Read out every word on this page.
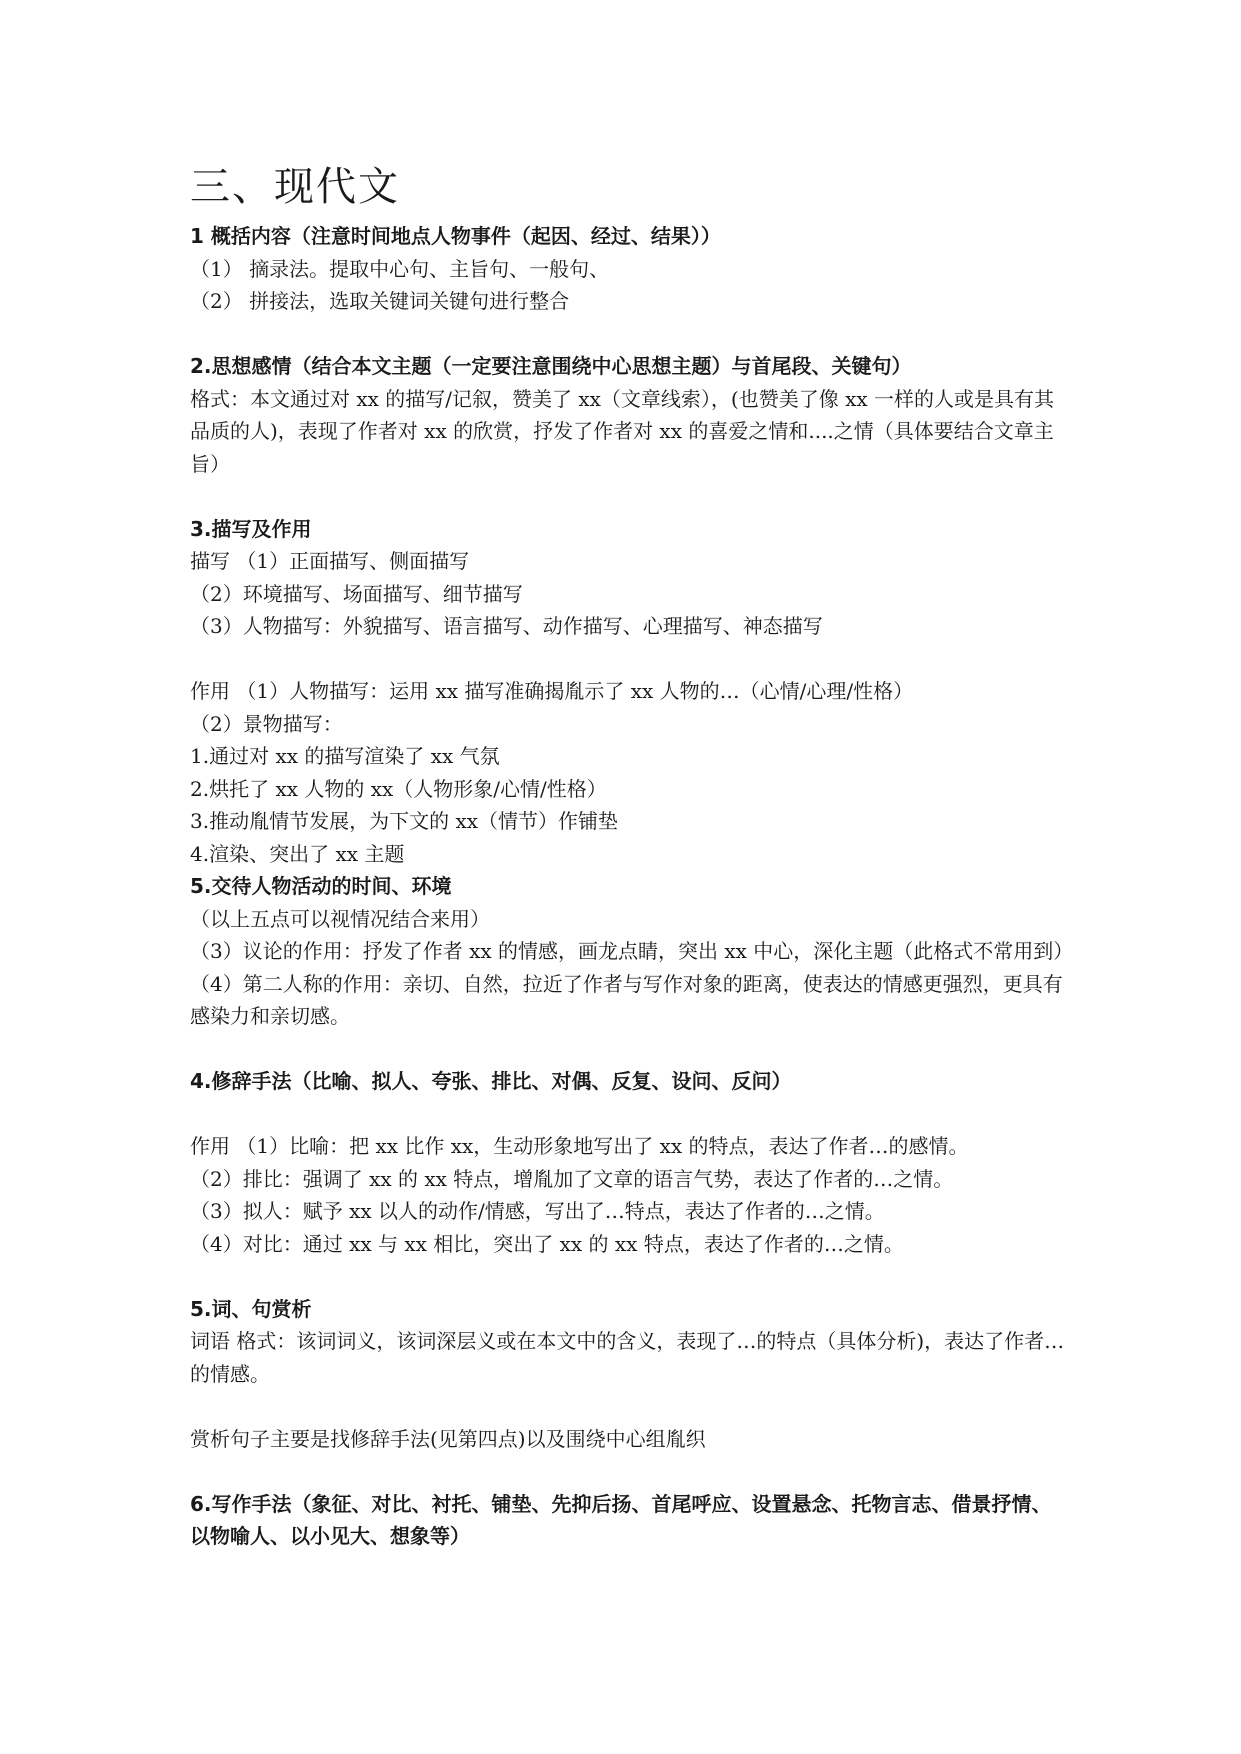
三、现代文
1 概括内容（注意时间地点人物事件（起因、经过、结果））
（1） 摘录法。提取中心句、主旨句、一般句、
（2） 拼接法，选取关键词关键句进行整合
2.思想感情（结合本文主题（一定要注意围绕中心思想主题）与首尾段、关键句）
格式：本文通过对 xx 的描写/记叙，赞美了 xx（文章线索），(也赞美了像 xx 一样的人或是具有其品质的人)，表现了作者对 xx 的欣赏，抒发了作者对 xx 的喜爱之情和....之情（具体要结合文章主旨）
3.描写及作用
描写 （1）正面描写、侧面描写
（2）环境描写、场面描写、细节描写
（3）人物描写：外貌描写、语言描写、动作描写、心理描写、神态描写
作用 （1）人物描写：运用 xx 描写准确揭胤示了 xx 人物的…（心情/心理/性格）
（2）景物描写：
1.通过对 xx 的描写渲染了 xx 气氛
2.烘托了 xx 人物的 xx（人物形象/心情/性格）
3.推动胤情节发展，为下文的 xx（情节）作铺垫
4.渲染、突出了 xx 主题
5.交待人物活动的时间、环境
（以上五点可以视情况结合来用）
（3）议论的作用：抒发了作者 xx 的情感，画龙点睛，突出 xx 中心，深化主题（此格式不常用到）
（4）第二人称的作用：亲切、自然，拉近了作者与写作对象的距离，使表达的情感更强烈，更具有感染力和亲切感。
4.修辞手法（比喻、拟人、夸张、排比、对偶、反复、设问、反问）
作用 （1）比喻：把 xx 比作 xx，生动形象地写出了 xx 的特点，表达了作者…的感情。
（2）排比：强调了 xx 的 xx 特点，增胤加了文章的语言气势，表达了作者的…之情。
（3）拟人：赋予 xx 以人的动作/情感，写出了…特点，表达了作者的…之情。
（4）对比：通过 xx 与 xx 相比，突出了 xx 的 xx 特点，表达了作者的…之情。
5.词、句赏析
词语 格式：该词词义，该词深层义或在本文中的含义，表现了…的特点（具体分析)，表达了作者…的情感。
赏析句子主要是找修辞手法(见第四点)以及围绕中心组胤织
6.写作手法（象征、对比、衬托、铺垫、先抑后扬、首尾呼应、设置悬念、托物言志、借景抒情、以物喻人、以小见大、想象等）
